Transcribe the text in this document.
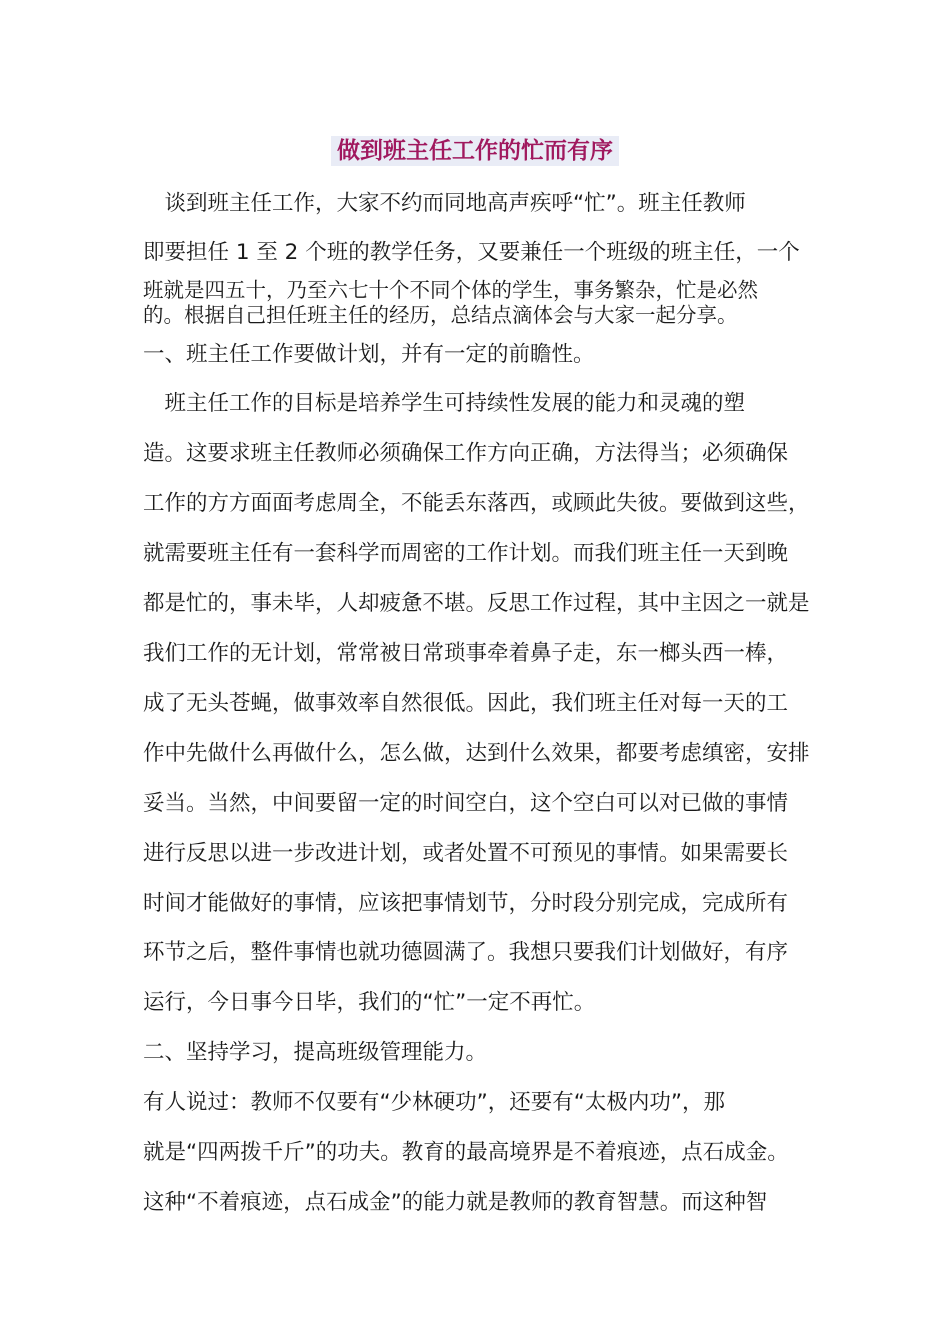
做到班主任工作的忙而有序
　谈到班主任工作，大家不约而同地高声疾呼“忙”。班主任教师
即要担任 1 至 2 个班的教学任务，又要兼任一个班级的班主任，一个
班就是四五十，乃至六七十个不同个体的学生，事务繁杂，忙是必然
的。根据自己担任班主任的经历，总结点滴体会与大家一起分享。
一、班主任工作要做计划，并有一定的前瞻性。
　班主任工作的目标是培养学生可持续性发展的能力和灵魂的塑
造。这要求班主任教师必须确保工作方向正确，方法得当；必须确保
工作的方方面面考虑周全，不能丢东落西，或顾此失彼。要做到这些，
就需要班主任有一套科学而周密的工作计划。而我们班主任一天到晚
都是忙的，事未毕，人却疲惫不堪。反思工作过程，其中主因之一就是
我们工作的无计划，常常被日常琐事牵着鼻子走，东一榔头西一棒，
成了无头苍蝇，做事效率自然很低。因此，我们班主任对每一天的工
作中先做什么再做什么，怎么做，达到什么效果，都要考虑缜密，安排
妥当。当然，中间要留一定的时间空白，这个空白可以对已做的事情
进行反思以进一步改进计划，或者处置不可预见的事情。如果需要长
时间才能做好的事情，应该把事情划节，分时段分别完成，完成所有
环节之后，整件事情也就功德圆满了。我想只要我们计划做好，有序
运行，今日事今日毕，我们的“忙”一定不再忙。
二、坚持学习，提高班级管理能力。
有人说过：教师不仅要有“少林硬功”，还要有“太极内功”，那
就是“四两拨千斤”的功夫。教育的最高境界是不着痕迹，点石成金。
这种“不着痕迹，点石成金”的能力就是教师的教育智慧。而这种智
